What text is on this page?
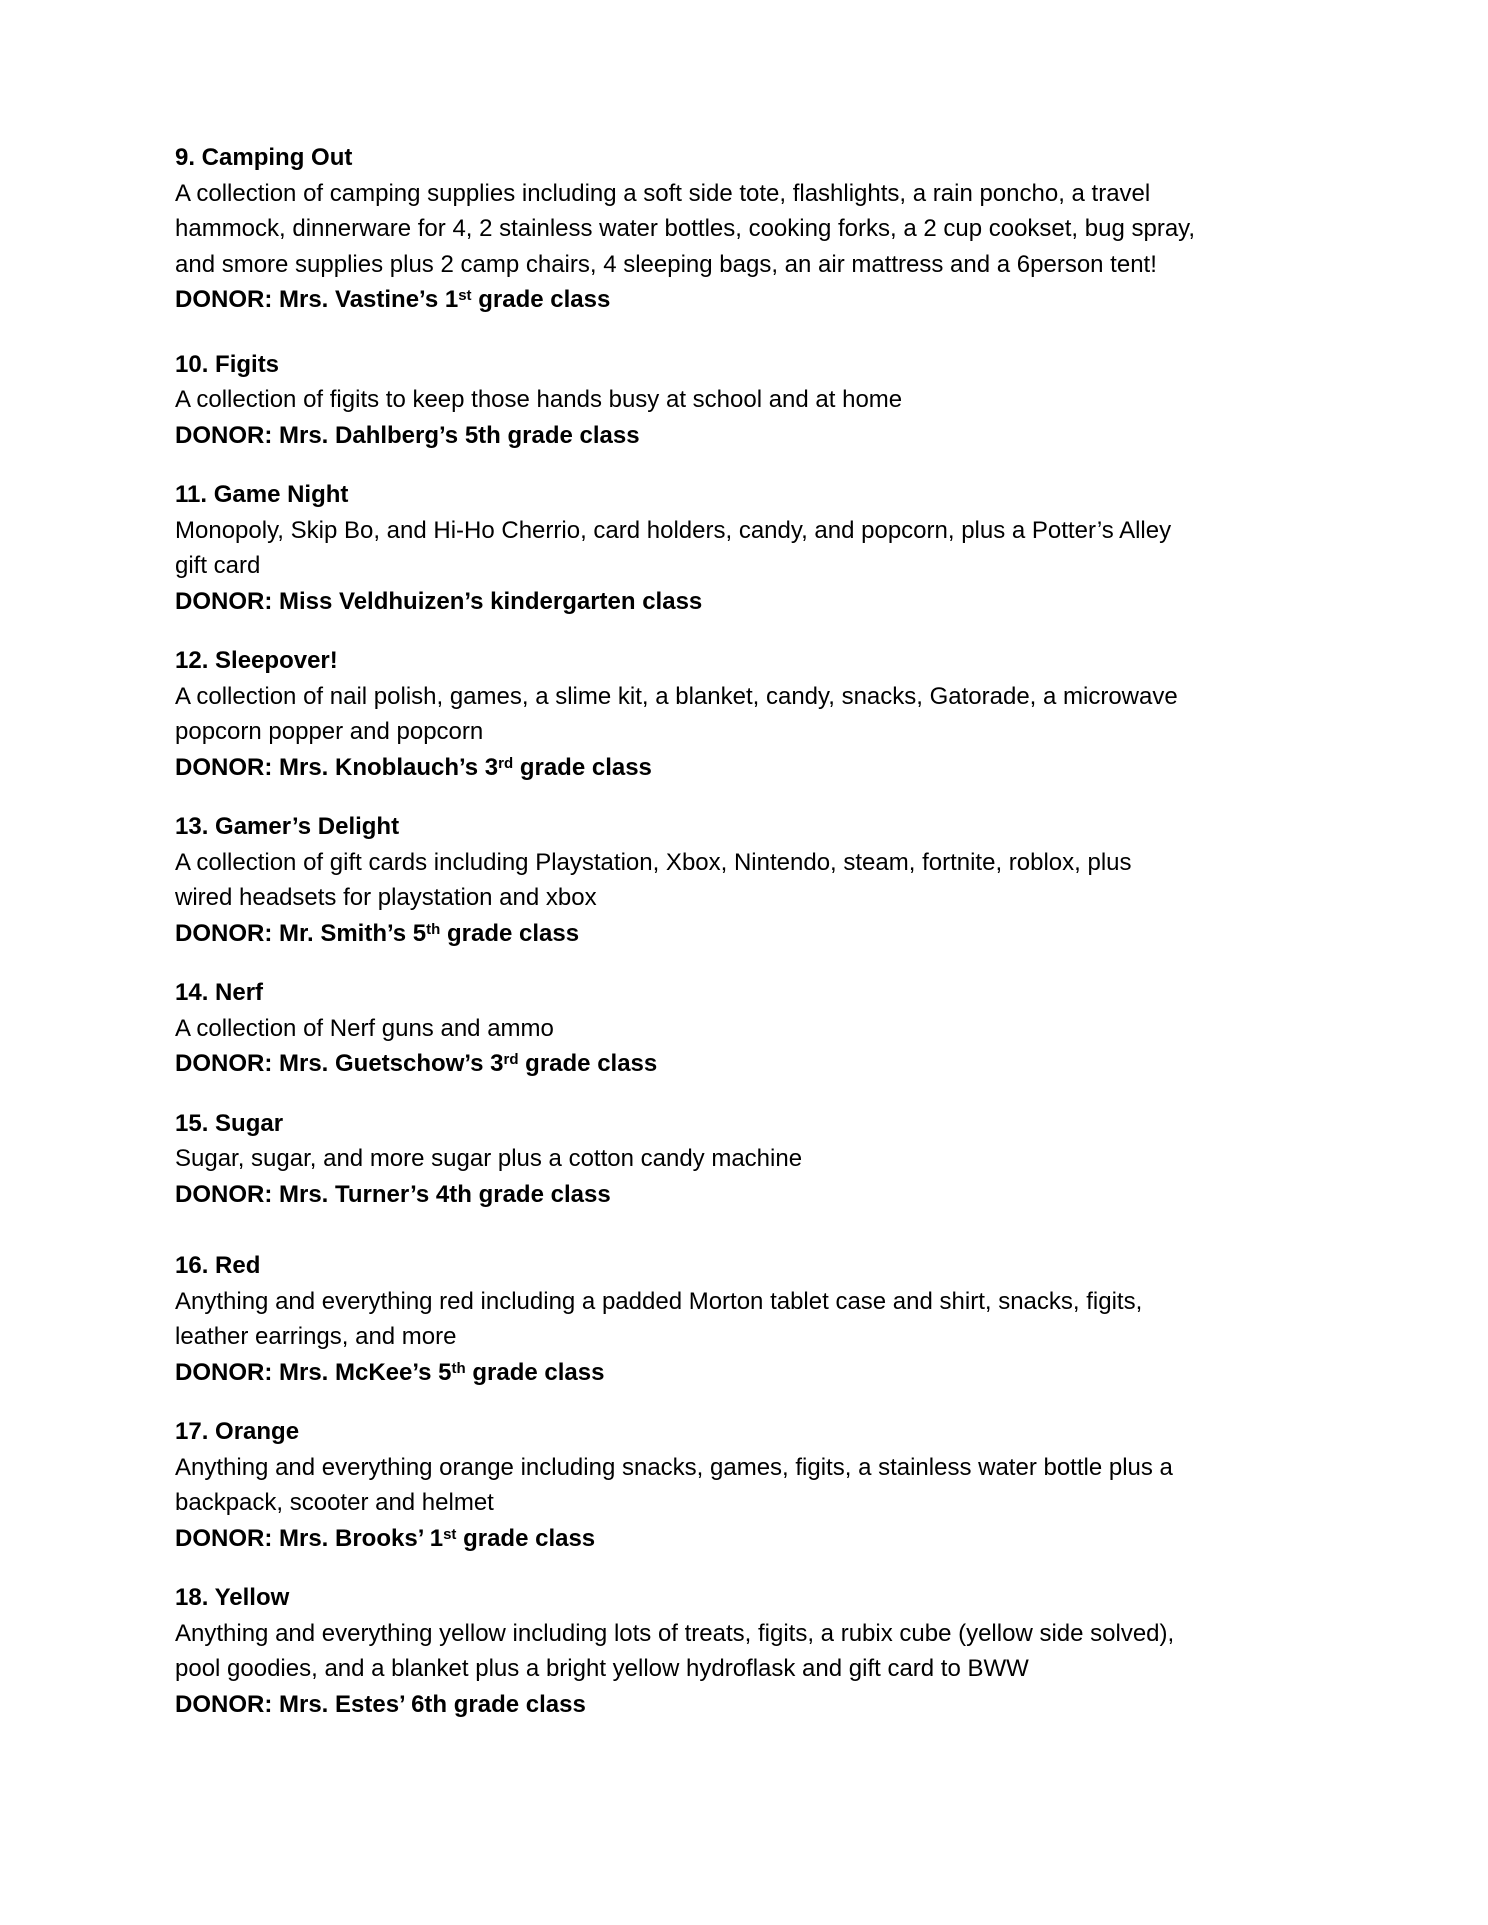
9. Camping Out
A collection of camping supplies including a soft side tote, flashlights, a rain poncho, a travel
hammock, dinnerware for 4, 2 stainless water bottles, cooking forks, a 2 cup cookset, bug spray,
and smore supplies plus 2 camp chairs, 4 sleeping bags, an air mattress and a 6person tent!
DONOR: Mrs. Vastine’s 1st grade class
10. Figits
A collection of figits to keep those hands busy at school and at home
DONOR: Mrs. Dahlberg’s 5th grade class
11. Game Night
Monopoly, Skip Bo, and Hi-Ho Cherrio, card holders, candy, and popcorn, plus a Potter’s Alley
gift card
DONOR: Miss Veldhuizen’s kindergarten class
12. Sleepover!
A collection of nail polish, games, a slime kit, a blanket, candy, snacks, Gatorade, a microwave
popcorn popper and popcorn
DONOR: Mrs. Knoblauch’s 3rd grade class
13. Gamer’s Delight
A collection of gift cards including Playstation, Xbox, Nintendo, steam, fortnite, roblox, plus
wired headsets for playstation and xbox
DONOR: Mr. Smith’s 5th grade class
14. Nerf
A collection of Nerf guns and ammo
DONOR: Mrs. Guetschow’s 3rd grade class
15. Sugar
Sugar, sugar, and more sugar plus a cotton candy machine
DONOR: Mrs. Turner’s 4th grade class
16. Red
Anything and everything red including a padded Morton tablet case and shirt, snacks, figits,
leather earrings, and more
DONOR: Mrs. McKee’s 5th grade class
17. Orange
Anything and everything orange including snacks, games, figits, a stainless water bottle plus a
backpack, scooter and helmet
DONOR: Mrs. Brooks’ 1st grade class
18. Yellow
Anything and everything yellow including lots of treats, figits, a rubix cube (yellow side solved),
pool goodies, and a blanket plus a bright yellow hydroflask and gift card to BWW
DONOR: Mrs. Estes’ 6th grade class
